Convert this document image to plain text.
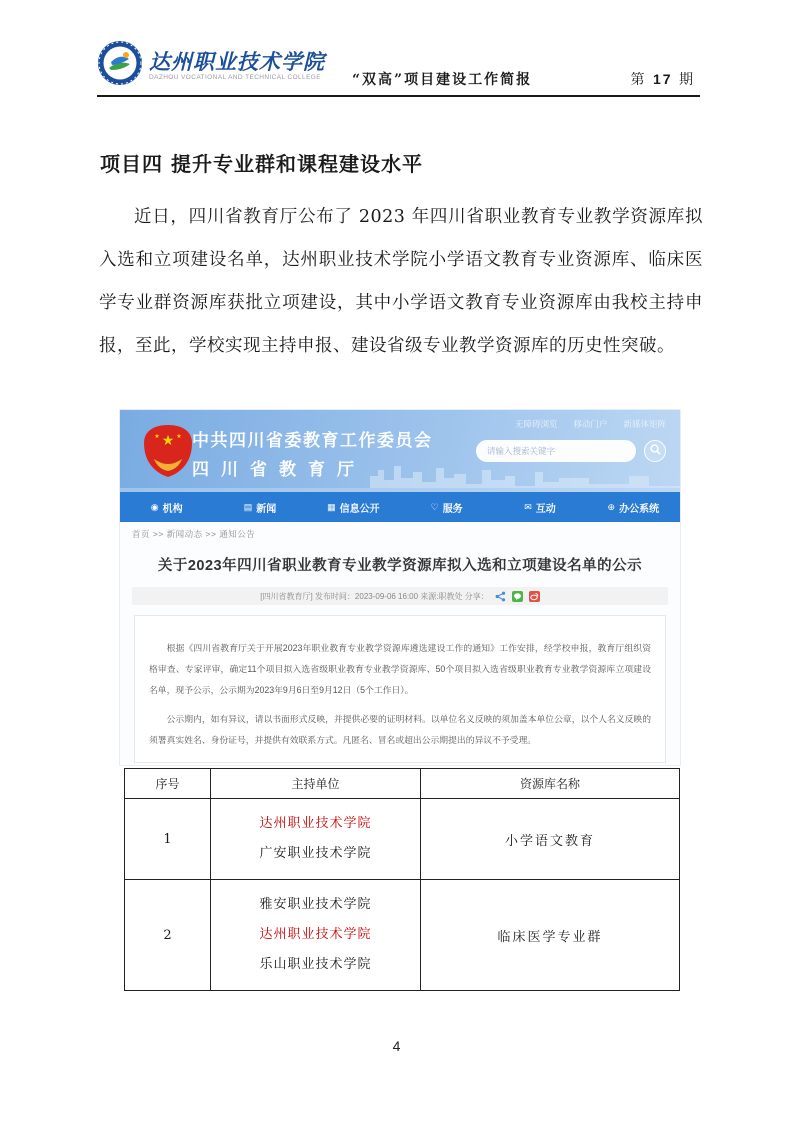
达州职业技术学院
DAZHOU VOCATIONAL AND TECHNICAL COLLEGE “双高”项目建设工作简报	第 17 期
项目四 提升专业群和课程建设水平

近日，四川省教育厅公布了 2023 年四川省职业教育专业教学资源库拟入选和立项建设名单，达州职业技术学院小学语文教育专业资源库、临床医学专业群资源库获批立项建设，其中小学语文教育专业资源库由我校主持申报，至此，学校实现主持申报、建设省级专业教学资源库的历史性突破。

★
★	★ 中共四川省委教育工作委员会
四川省教育厅
无障碍浏览 移动门户 新媒体矩阵
请输入搜索关键字
◉ 机构	▤ 新闻	▦ 信息公开	♡ 服务	✉ 互动	⊕ 办公系统
首页 >> 新闻动态 >> 通知公告
关于2023年四川省职业教育专业教学资源库拟入选和立项建设名单的公示
[四川省教育厅] 发布时间：2023-09-06 16:00 来源:职教处 分享：

根据《四川省教育厅关于开展2023年职业教育专业教学资源库遴选建设工作的通知》工作安排，经学校申报，教育厅组织资格审查、专家评审，确定11个项目拟入选省级职业教育专业教学资源库、50个项目拟入选省级职业教育专业教学资源库立项建设名单，现予公示，公示期为2023年9月6日至9月12日（5个工作日）。

公示期内，如有异议，请以书面形式反映，并提供必要的证明材料。以单位名义反映的须加盖本单位公章，以个人名义反映的须署真实姓名、身份证号，并提供有效联系方式。凡匿名、冒名或超出公示期提出的异议不予受理。

序号	主持单位	资源库名称
1	达州职业技术学院
广安职业技术学院	小学语文教育
2	雅安职业技术学院
达州职业技术学院
乐山职业技术学院	临床医学专业群
4
